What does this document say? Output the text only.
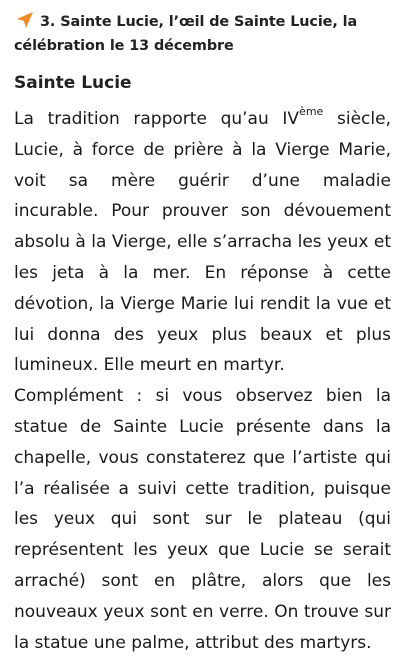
3. Sainte Lucie, l’œil de Sainte Lucie, la célébration le 13 décembre
Sainte Lucie

La tradition rapporte qu’au IVème siècle, Lucie, à force de prière à la Vierge Marie, voit sa mère guérir d’une maladie incurable. Pour prouver son dévouement absolu à la Vierge, elle s’arracha les yeux et les jeta à la mer. En réponse à cette dévotion, la Vierge Marie lui rendit la vue et lui donna des yeux plus beaux et plus lumineux. Elle meurt en martyr.

Complément : si vous observez bien la statue de Sainte Lucie présente dans la chapelle, vous constaterez que l’artiste qui l’a réalisée a suivi cette tradition, puisque les yeux qui sont sur le plateau (qui représentent les yeux que Lucie se serait arraché) sont en plâtre, alors que les nouveaux yeux sont en verre. On trouve sur la statue une palme, attribut des martyrs.
